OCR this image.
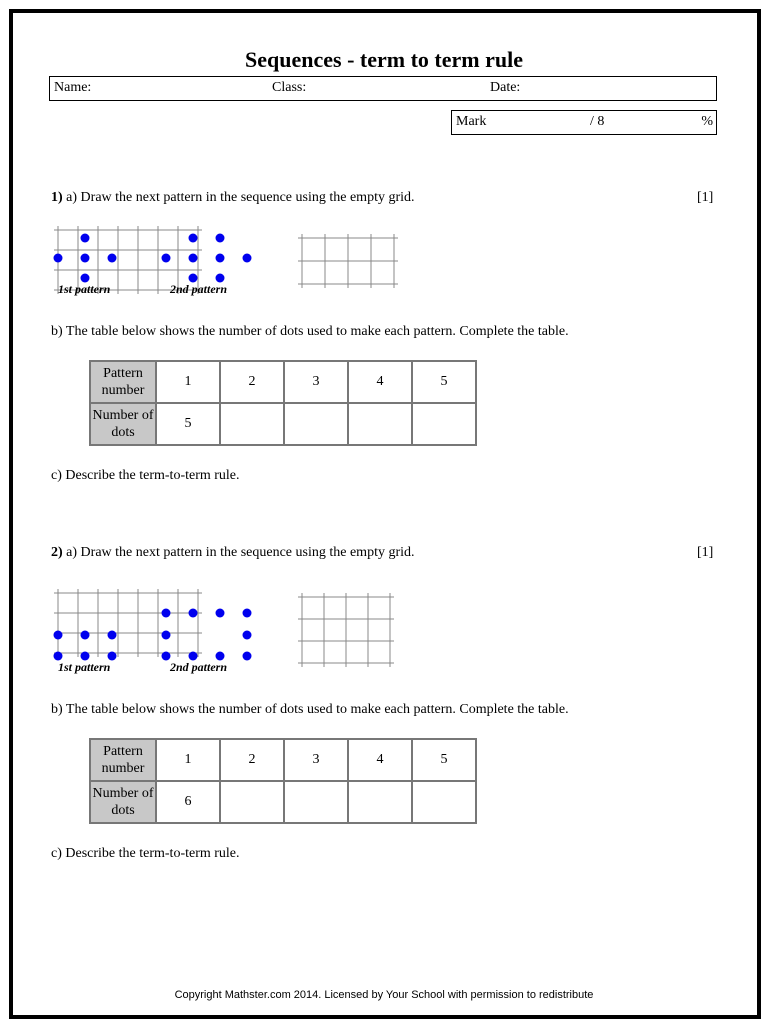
Sequences - term to term rule
Name:	Class:	Date:
Mark	/ 8	%
1) a) Draw the next pattern in the sequence using the empty grid.	[1]
1st pattern	2nd pattern
1st pattern	2nd pattern
b) The table below shows the number of dots used to make each pattern. Complete the table.
Pattern number	1	2	3	4	5
Number of dots	5				
c) Describe the term-to-term rule.
2) a) Draw the next pattern in the sequence using the empty grid.	[1]
b) The table below shows the number of dots used to make each pattern. Complete the table.
Pattern number	1	2	3	4	5
Number of dots	6				
c) Describe the term-to-term rule.
Copyright Mathster.com 2014. Licensed by Your School with permission to redistribute
